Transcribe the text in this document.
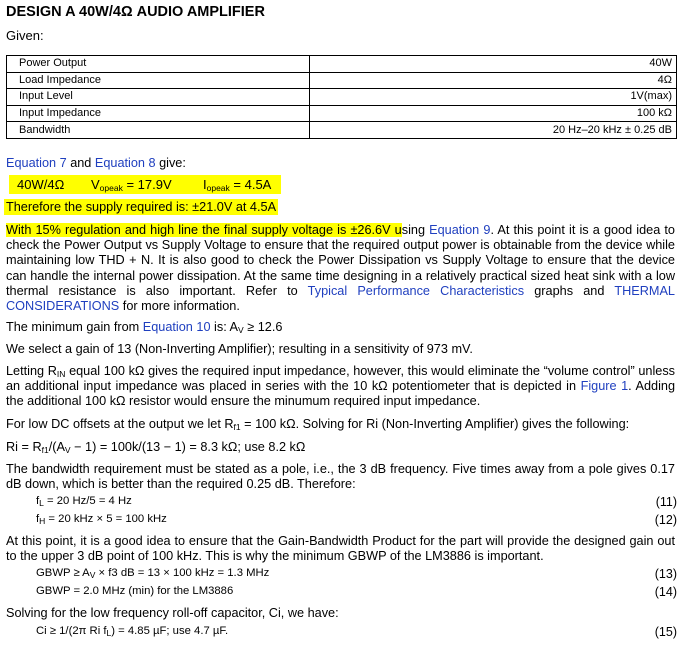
DESIGN A 40W/4Ω AUDIO AMPLIFIER
Given:
Power Output	40W
Load Impedance	4Ω
Input Level	1V(max)
Input Impedance	100 kΩ
Bandwidth	20 Hz–20 kHz ± 0.25 dB
Equation 7 and Equation 8 give:
40W/4Ω $V_{opeak} = 17.9V$ $I_{opeak} = 4.5A$
Therefore the supply required is: ±21.0V at 4.5A
With 15% regulation and high line the final supply voltage is ±26.6V using Equation 9. At this point it is a good idea to check the Power Output vs Supply Voltage to ensure that the required output power is obtainable from the device while maintaining low THD + N. It is also good to check the Power Dissipation vs Supply Voltage to ensure that the device can handle the internal power dissipation. At the same time designing in a relatively practical sized heat sink with a low thermal resistance is also important. Refer to Typical Performance Characteristics graphs and THERMAL CONSIDERATIONS for more information.
The minimum gain from Equation 10 is: $A_V \ge 12.6$
We select a gain of 13 (Non-Inverting Amplifier); resulting in a sensitivity of 973 mV.
Letting $R_{IN}$ equal 100 kΩ gives the required input impedance, however, this would eliminate the “volume control” unless an additional input impedance was placed in series with the 10 kΩ potentiometer that is depicted in Figure 1. Adding the additional 100 kΩ resistor would ensure the minumum required input impedance.
For low DC offsets at the output we let $R_{f1} = 100$ kΩ. Solving for Ri (Non-Inverting Amplifier) gives the following:
$Ri = R_{f1}/(A_V - 1) = 100k/(13 - 1) = 8.3$ kΩ; use 8.2 kΩ
The bandwidth requirement must be stated as a pole, i.e., the 3 dB frequency. Five times away from a pole gives 0.17 dB down, which is better than the required 0.25 dB. Therefore:
$f_L = 20$ Hz/5 = 4 Hz	(11)
$f_H = 20$ kHz × 5 = 100 kHz	(12)
At this point, it is a good idea to ensure that the Gain-Bandwidth Product for the part will provide the designed gain out to the upper 3 dB point of 100 kHz. This is why the minimum GBWP of the LM3886 is important.
GBWP ≥ $A_V \times f3$ dB = 13 × 100 kHz = 1.3 MHz	(13)
GBWP = 2.0 MHz (min) for the LM3886	(14)
Solving for the low frequency roll-off capacitor, Ci, we have:
Ci ≥ 1/(2π Ri $f_L) = 4.85$ µF; use 4.7 µF.	(15)
